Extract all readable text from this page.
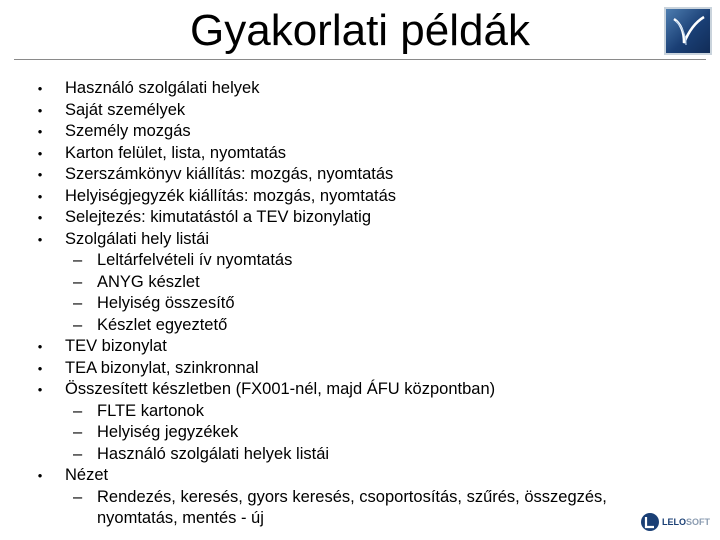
Gyakorlati példák
• Használó szolgálati helyek
• Saját személyek
• Személy mozgás
• Karton felület, lista, nyomtatás
• Szerszámkönyv kiállítás: mozgás, nyomtatás
• Helyiségjegyzék kiállítás: mozgás, nyomtatás
• Selejtezés: kimutatástól a TEV bizonylatig
• Szolgálati hely listái
– Leltárfelvételi ív nyomtatás
– ANYG készlet
– Helyiség összesítő
– Készlet egyeztető
• TEV bizonylat
• TEA bizonylat, szinkronnal
• Összesített készletben (FX001-nél, majd ÁFU központban)
– FLTE kartonok
– Helyiség jegyzékek
– Használó szolgálati helyek listái
• Nézet
– Rendezés, keresés, gyors keresés, csoportosítás, szűrés, összegzés,
nyomtatás, mentés - új	LELO SOFT
